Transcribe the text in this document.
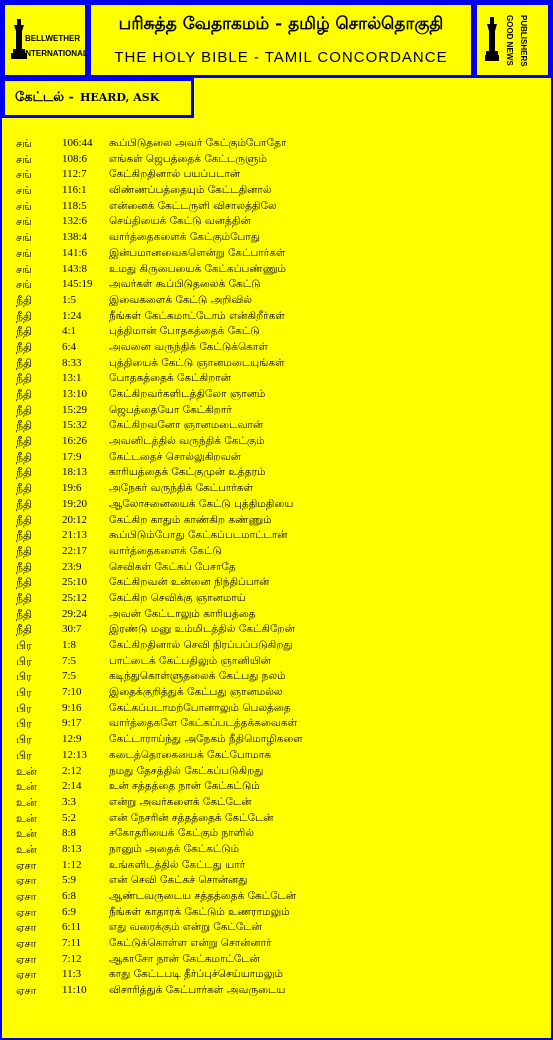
BELLWETHER
INTERNATIONAL
பரிசுத்த வேதாகமம் - தமிழ் சொல்தொகுதி
THE HOLY BIBLE - TAMIL CONCORDANCE	GOOD NEWS PUBLISHERS
கேட்டல் - HEARD, ASK
சங்	106:44 கூப்பிடுதலை அவர் கேட்கும்போதோ
சங்	108:6 எங்கள் ஜெபத்தைக் கேட்டருளும்
சங்	112:7 கேட்கிறதினால் பயப்படான்
சங்	116:1 விண்ணப்பத்தையும் கேட்டதினால்
சங்	118:5 என்னைக் கேட்டருளி விசாலத்திலே
சங்	132:6 செய்தியைக் கேட்டு வனத்தின்
சங்	138:4 வார்த்தைகளைக் கேட்கும்போது
சங்	141:6 இன்பமானவைகளென்று கேட்பார்கள்
சங்	143:8 உமது கிருபையைக் கேட்கப்பண்ணும்
சங்	145:19 அவர்கள் கூப்பிடுதலைக் கேட்டு
நீதி	1:5	இவைகளைக் கேட்டு அறிவில்
நீதி	1:24	நீங்கள் கேட்கமாட்டோம் என்கிறீர்கள்
நீதி	4:1	புத்திமான் போதகத்தைக் கேட்டு
நீதி	6:4	அவனை வருந்திக் கேட்டுக்கொள்
நீதி	8:33	புத்தியைக் கேட்டு ஞானமடையுங்கள்
நீதி	13:1	போதகத்தைக் கேட்கிறான்
நீதி	13:10 கேட்கிறவர்களிடத்திலோ ஞானம்
நீதி	15:29 ஜெபத்தையோ கேட்கிறார்
நீதி	15:32 கேட்கிறவனோ ஞானமடைவான்
நீதி	16:26 அவனிடத்தில் வருந்திக் கேட்கும்
நீதி	17:9	கேட்டதைச் சொல்லுகிறவன்
நீதி	18:13 காரியத்தைக் கேட்குமுன் உத்தரம்
நீதி	19:6	அநேகர் வருந்திக் கேட்பார்கள்
நீதி	19:20 ஆலோசனையைக் கேட்டு புத்திமதியை
நீதி	20:12 கேட்கிற காதும் காண்கிற கண்ணும்
நீதி	21:13 கூப்பிடும்போது கேட்கப்படமாட்டான்
நீதி	22:17 வார்த்தைகளைக் கேட்டு
நீதி	23:9	செவிகள் கேட்கப் பேசாதே
நீதி	25:10 கேட்கிறவன் உன்னை நிந்திப்பான்
நீதி	25:12 கேட்கிற செவிக்கு ஞானமாய்
நீதி	29:24 அவன் கேட்டாலும் காரியத்தை
நீதி	30:7	இரண்டு மனு உம்மிடத்தில் கேட்கிறேன்
பிர	1:8	கேட்கிறதினால் செவி நிரப்பப்படுகிறது
பிர	7:5	பாட்டைக் கேட்பதிலும் ஞானியின்
பிர	7:5	கடிந்துகொள்ளுதலைக் கேட்பது நலம்
பிர	7:10	இதைக்குறித்துக் கேட்பது ஞானமல்ல
பிர	9:16	கேட்கப்படாமற்போனாலும் பெலத்தை
பிர	9:17	வார்த்தைகளே கேட்கப்படத்தக்கவைகள்
பிர	12:9	கேட்டாராய்ந்து அநேகம் நீதிமொழிகளை
பிர	12:13 கடைத்தொகையைக் கேட்போமாக
உன் 2:12	நமது தேசத்தில் கேட்கப்படுகிறது
உன் 2:14	உன் சத்தத்தை நான் கேட்கட்டும்
உன் 3:3	என்று அவர்களைக் கேட்டேன்
உன் 5:2	என் நேசரின் சத்தத்தைக் கேட்டேன்
உன் 8:8	சகோதரியைக் கேட்கும் நாளில்
உன் 8:13	நானும் அதைக் கேட்கட்டும்
ஏசா 1:12	உங்களிடத்தில் கேட்டது யார்
ஏசா 5:9	என் செவி கேட்கச் சொன்னது
ஏசா 6:8	ஆண்டவருடைய சத்தத்தைக் கேட்டேன்
ஏசா 6:9	நீங்கள் காதாரக் கேட்டும் உணராமலும்
ஏசா 6:11	எது வரைக்கும் என்று கேட்டேன்
ஏசா 7:11	கேட்டுக்கொள்ள என்று சொன்னார்
ஏசா 7:12	ஆகாசோ நான் கேட்கமாட்டேன்
ஏசா 11:3	காது கேட்டபடி தீர்ப்புச்செய்யாமலும்
ஏசா 11:10 விசாரித்துக் கேட்பார்கள் அவருடைய
